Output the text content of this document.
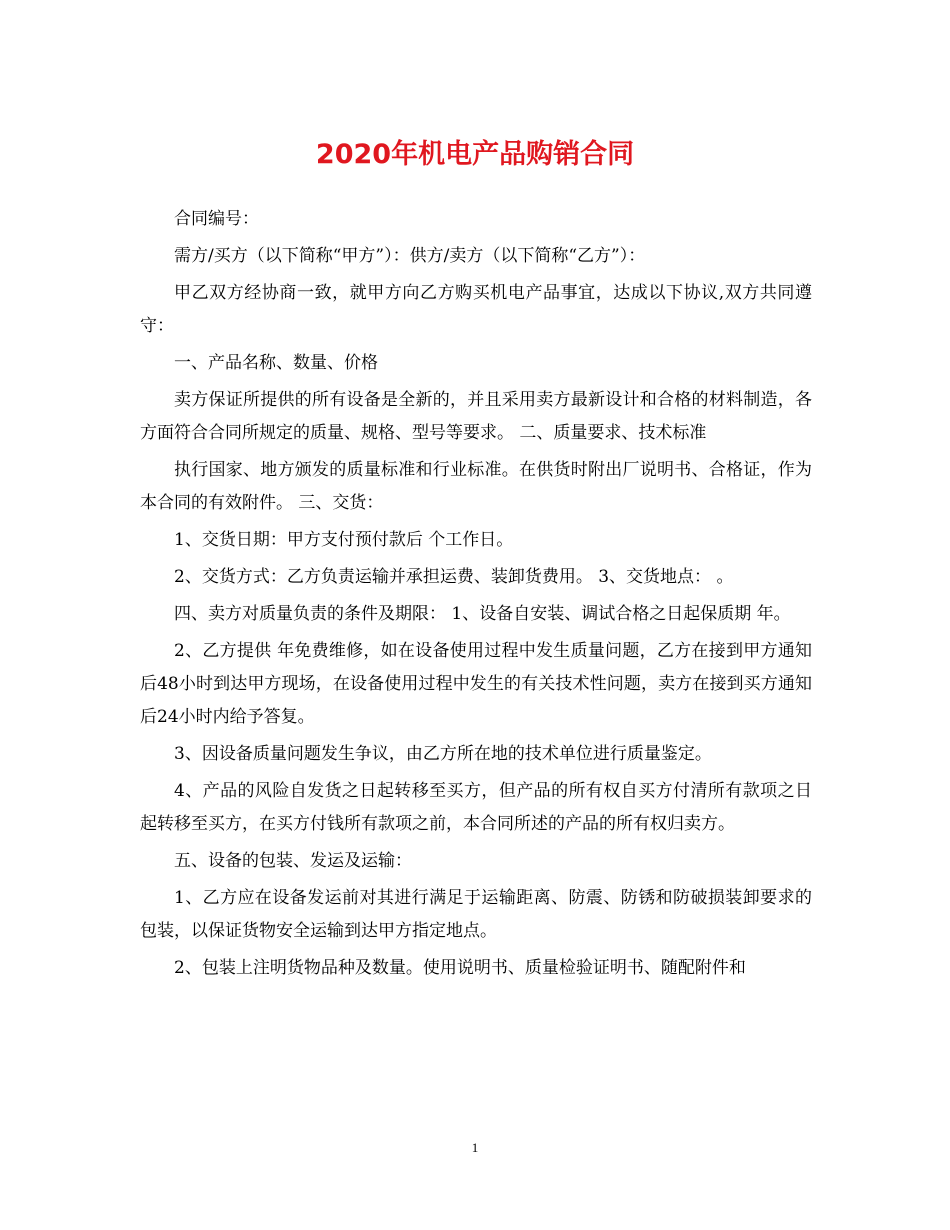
2020年机电产品购销合同

合同编号：

需方/买方（以下简称“甲方”）：供方/卖方（以下简称“乙方”）：

甲乙双方经协商一致，就甲方向乙方购买机电产品事宜，达成以下协议,双方共同遵守：

一、产品名称、数量、价格

卖方保证所提供的所有设备是全新的，并且采用卖方最新设计和合格的材料制造，各方面符合合同所规定的质量、规格、型号等要求。 二、质量要求、技术标准

执行国家、地方颁发的质量标准和行业标准。在供货时附出厂说明书、合格证，作为本合同的有效附件。 三、交货：

1、交货日期：甲方支付预付款后 个工作日。

2、交货方式：乙方负责运输并承担运费、装卸货费用。 3、交货地点： 。

四、卖方对质量负责的条件及期限： 1、设备自安装、调试合格之日起保质期 年。

2、乙方提供 年免费维修，如在设备使用过程中发生质量问题，乙方在接到甲方通知后48小时到达甲方现场，在设备使用过程中发生的有关技术性问题，卖方在接到买方通知后24小时内给予答复。

3、因设备质量问题发生争议，由乙方所在地的技术单位进行质量鉴定。

4、产品的风险自发货之日起转移至买方，但产品的所有权自买方付清所有款项之日起转移至买方，在买方付钱所有款项之前，本合同所述的产品的所有权归卖方。

五、设备的包装、发运及运输：

1、乙方应在设备发运前对其进行满足于运输距离、防震、防锈和防破损装卸要求的包装，以保证货物安全运输到达甲方指定地点。

2、包装上注明货物品种及数量。使用说明书、质量检验证明书、随配附件和

1
